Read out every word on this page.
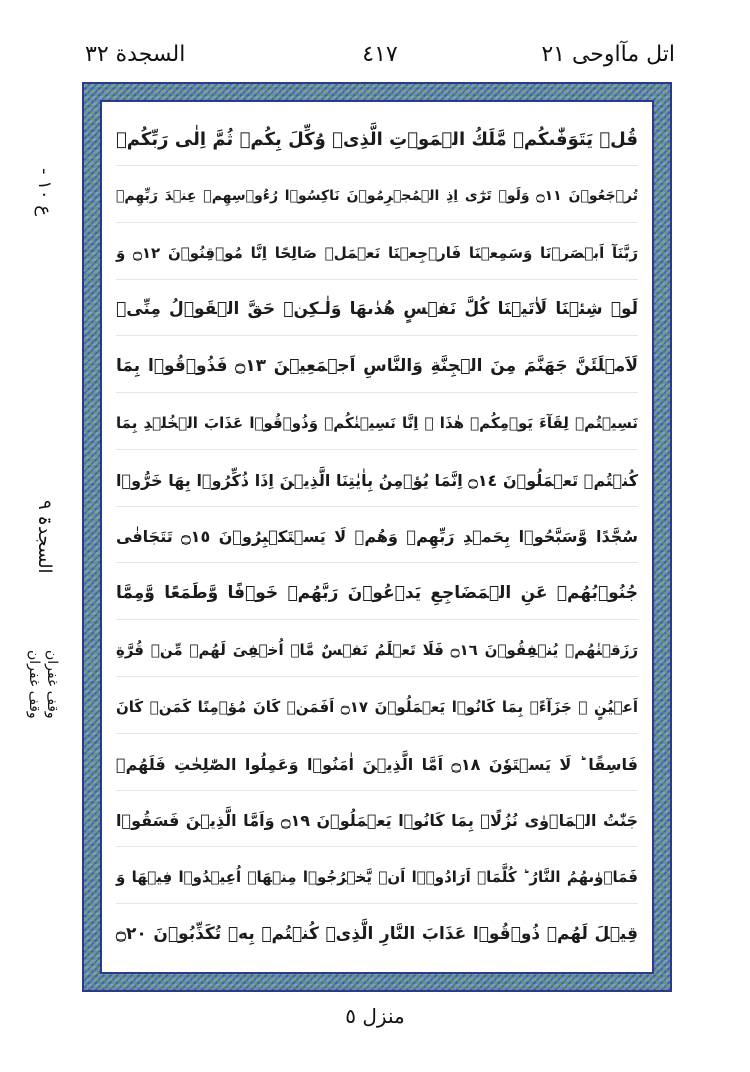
السجدة ٣٢	٤١٧	اتل مآاوحی ٢١
ع ١٠ -
السجدۃ ٩
وقف غفران
وقف غفران
قُلۡ يَتَوَفّٰىكُمۡ مَّلَكُ الۡمَوۡتِ الَّذِىۡ وُكِّلَ بِكُمۡ ثُمَّ اِلٰى رَبِّكُمۡ
تُرۡجَعُوۡنَ ۝١١ وَلَوۡ تَرٰٓى اِذِ الۡمُجۡرِمُوۡنَ نَاكِسُوۡا رُءُوۡسِهِمۡ عِنۡدَ رَبِّهِمۡ
رَبَّنَآ اَبۡصَرۡنَا وَسَمِعۡنَا فَارۡجِعۡنَا نَعۡمَلۡ صَالِحًا اِنَّا مُوۡقِنُوۡنَ ۝١٢ وَ
لَوۡ شِئۡنَا لَاٰتَيۡنَا كُلَّ نَفۡسٍ هُدٰٮهَا وَلٰـكِنۡ حَقَّ الۡقَوۡلُ مِنِّىۡ
لَاَمۡلَئَنَّ جَهَنَّمَ مِنَ الۡجِنَّةِ وَالنَّاسِ اَجۡمَعِيۡنَ ۝١٣ فَذُوۡقُوۡا بِمَا
نَسِيۡتُمۡ لِقَآءَ يَوۡمِكُمۡ هٰذَا ۚ اِنَّا نَسِيۡنٰكُمۡ وَذُوۡقُوۡا عَذَابَ الۡخُلۡدِ بِمَا
كُنۡتُمۡ تَعۡمَلُوۡنَ ۝١٤ اِنَّمَا يُؤۡمِنُ بِاٰيٰتِنَا الَّذِيۡنَ اِذَا ذُكِّرُوۡا بِهَا خَرُّوۡا
سُجَّدًا وَّسَبَّحُوۡا بِحَمۡدِ رَبِّهِمۡ وَهُمۡ لَا يَسۡتَكۡبِرُوۡنَ ۝١٥ تَتَجَافٰى
جُنُوۡبُهُمۡ عَنِ الۡمَضَاجِعِ يَدۡعُوۡنَ رَبَّهُمۡ خَوۡفًا وَّطَمَعًا وَّمِمَّا
رَزَقۡنٰهُمۡ يُنۡفِقُوۡنَ ۝١٦ فَلَا تَعۡلَمُ نَفۡسٌ مَّاۤ اُخۡفِىَ لَهُمۡ مِّنۡ قُرَّةِ
اَعۡيُنٍ ۚ جَزَآءًۢ بِمَا كَانُوۡا يَعۡمَلُوۡنَ ۝١٧ اَفَمَنۡ كَانَ مُؤۡمِنًا كَمَنۡ كَانَ
فَاسِقًا ؕ لَا يَسۡتَوٗنَ ۝١٨ اَمَّا الَّذِيۡنَ اٰمَنُوۡا وَعَمِلُوا الصّٰلِحٰتِ فَلَهُمۡ
جَنّٰتُ الۡمَاۡوٰى نُزُلًاۢ بِمَا كَانُوۡا يَعۡمَلُوۡنَ ۝١٩ وَاَمَّا الَّذِيۡنَ فَسَقُوۡا
فَمَاۡوٰٮهُمُ النَّارُ ؕ كُلَّمَاۤ اَرَادُوۡۤا اَنۡ يَّخۡرُجُوۡا مِنۡهَاۤ اُعِيۡدُوۡا فِيۡهَا وَ
قِيۡلَ لَهُمۡ ذُوۡقُوۡا عَذَابَ النَّارِ الَّذِىۡ كُنۡتُمۡ بِهٖ تُكَذِّبُوۡنَ ۝٢٠
منزل ٥
